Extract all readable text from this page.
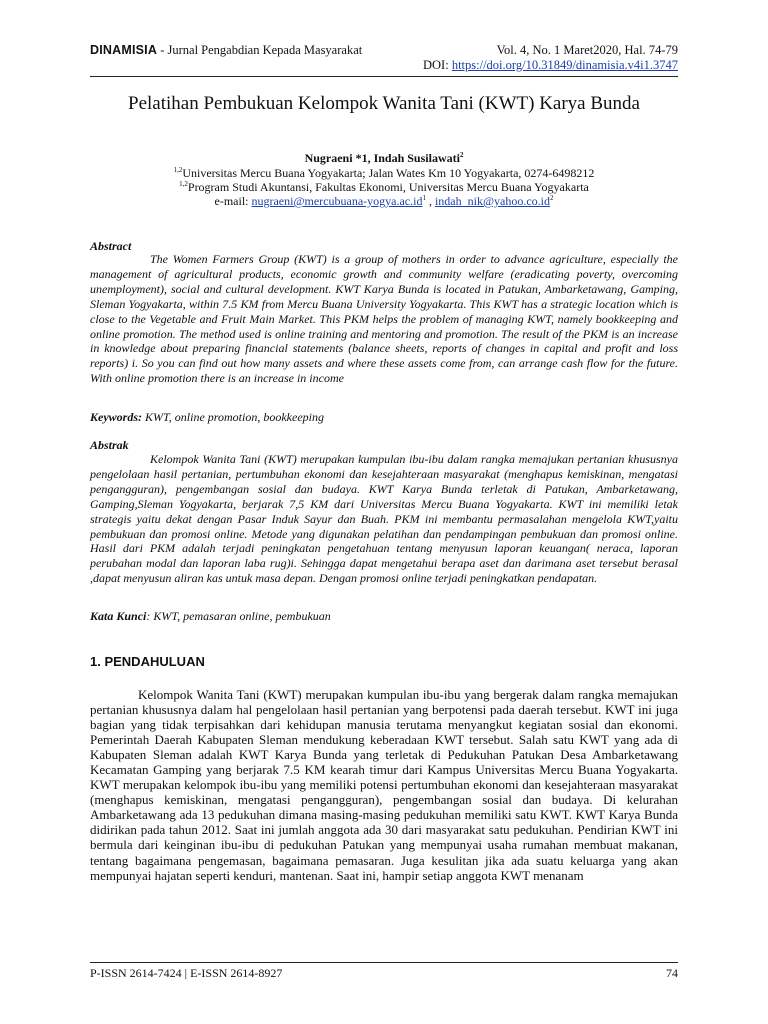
DINAMISIA - Jurnal Pengabdian Kepada Masyarakat	Vol. 4, No. 1 Maret2020, Hal. 74-79
DOI: https://doi.org/10.31849/dinamisia.v4i1.3747
Pelatihan Pembukuan Kelompok Wanita Tani (KWT) Karya Bunda
Nugraeni *1, Indah Susilawati$^2$
$^{1,2}$Universitas Mercu Buana Yogyakarta; Jalan Wates Km 10 Yogyakarta, 0274-6498212
$^{1,2}$Program Studi Akuntansi, Fakultas Ekonomi, Universitas Mercu Buana Yogyakarta
e-mail: $nugraeni@mercubuana-yogya.ac.id^1$ , $indah\_nik@yahoo.co.id^2$
Abstract

The Women Farmers Group (KWT) is a group of mothers in order to advance agriculture, especially the management of agricultural products, economic growth and community welfare (eradicating poverty, overcoming unemployment), social and cultural development. KWT Karya Bunda is located in Patukan, Ambarketawang, Gamping, Sleman Yogyakarta, within 7.5 KM from Mercu Buana University Yogyakarta. This KWT has a strategic location which is close to the Vegetable and Fruit Main Market. This PKM helps the problem of managing KWT, namely bookkeeping and online promotion. The method used is online training and mentoring and promotion. The result of the PKM is an increase in knowledge about preparing financial statements (balance sheets, reports of changes in capital and profit and loss reports) i. So you can find out how many assets and where these assets come from, can arrange cash flow for the future. With online promotion there is an increase in income

Keywords: KWT, online promotion, bookkeeping
Abstrak

Kelompok Wanita Tani (KWT) merupakan kumpulan ibu-ibu dalam rangka memajukan pertanian khususnya pengelolaan hasil pertanian, pertumbuhan ekonomi dan kesejahteraan masyarakat (menghapus kemiskinan, mengatasi pengangguran), pengembangan sosial dan budaya. KWT Karya Bunda terletak di Patukan, Ambarketawang, Gamping,Sleman Yogyakarta, berjarak 7,5 KM dari Universitas Mercu Buana Yogyakarta. KWT ini memiliki letak strategis yaitu dekat dengan Pasar Induk Sayur dan Buah. PKM ini membantu permasalahan mengelola KWT,yaitu pembukuan dan promosi online. Metode yang digunakan pelatihan dan pendampingan pembukuan dan promosi online. Hasil dari PKM adalah terjadi peningkatan pengetahuan tentang menyusun laporan keuangan( neraca, laporan perubahan modal dan laporan laba rug)i. Sehingga dapat mengetahui berapa aset dan darimana aset tersebut berasal ,dapat menyusun aliran kas untuk masa depan. Dengan promosi online terjadi peningkatkan pendapatan.

Kata Kunci: KWT, pemasaran online, pembukuan
1. PENDAHULUAN

Kelompok Wanita Tani (KWT) merupakan kumpulan ibu-ibu yang bergerak dalam rangka memajukan pertanian khususnya dalam hal pengelolaan hasil pertanian yang berpotensi pada daerah tersebut. KWT ini juga bagian yang tidak terpisahkan dari kehidupan manusia terutama menyangkut kegiatan sosial dan ekonomi. Pemerintah Daerah Kabupaten Sleman mendukung keberadaan KWT tersebut. Salah satu KWT yang ada di Kabupaten Sleman adalah KWT Karya Bunda yang terletak di Pedukuhan Patukan Desa Ambarketawang Kecamatan Gamping yang berjarak 7.5 KM kearah timur dari Kampus Universitas Mercu Buana Yogyakarta. KWT merupakan kelompok ibu-ibu yang memiliki potensi pertumbuhan ekonomi dan kesejahteraan masyarakat (menghapus kemiskinan, mengatasi pengangguran), pengembangan sosial dan budaya. Di kelurahan Ambarketawang ada 13 pedukuhan dimana masing-masing pedukuhan memiliki satu KWT. KWT Karya Bunda didirikan pada tahun 2012. Saat ini jumlah anggota ada 30 dari masyarakat satu pedukuhan. Pendirian KWT ini bermula dari keinginan ibu-ibu di pedukuhan Patukan yang mempunyai usaha rumahan membuat makanan, tentang bagaimana pengemasan, bagaimana pemasaran. Juga kesulitan jika ada suatu keluarga yang akan mempunyai hajatan seperti kenduri, mantenan. Saat ini, hampir setiap anggota KWT menanam

P-ISSN 2614-7424 | E-ISSN 2614-8927	74
